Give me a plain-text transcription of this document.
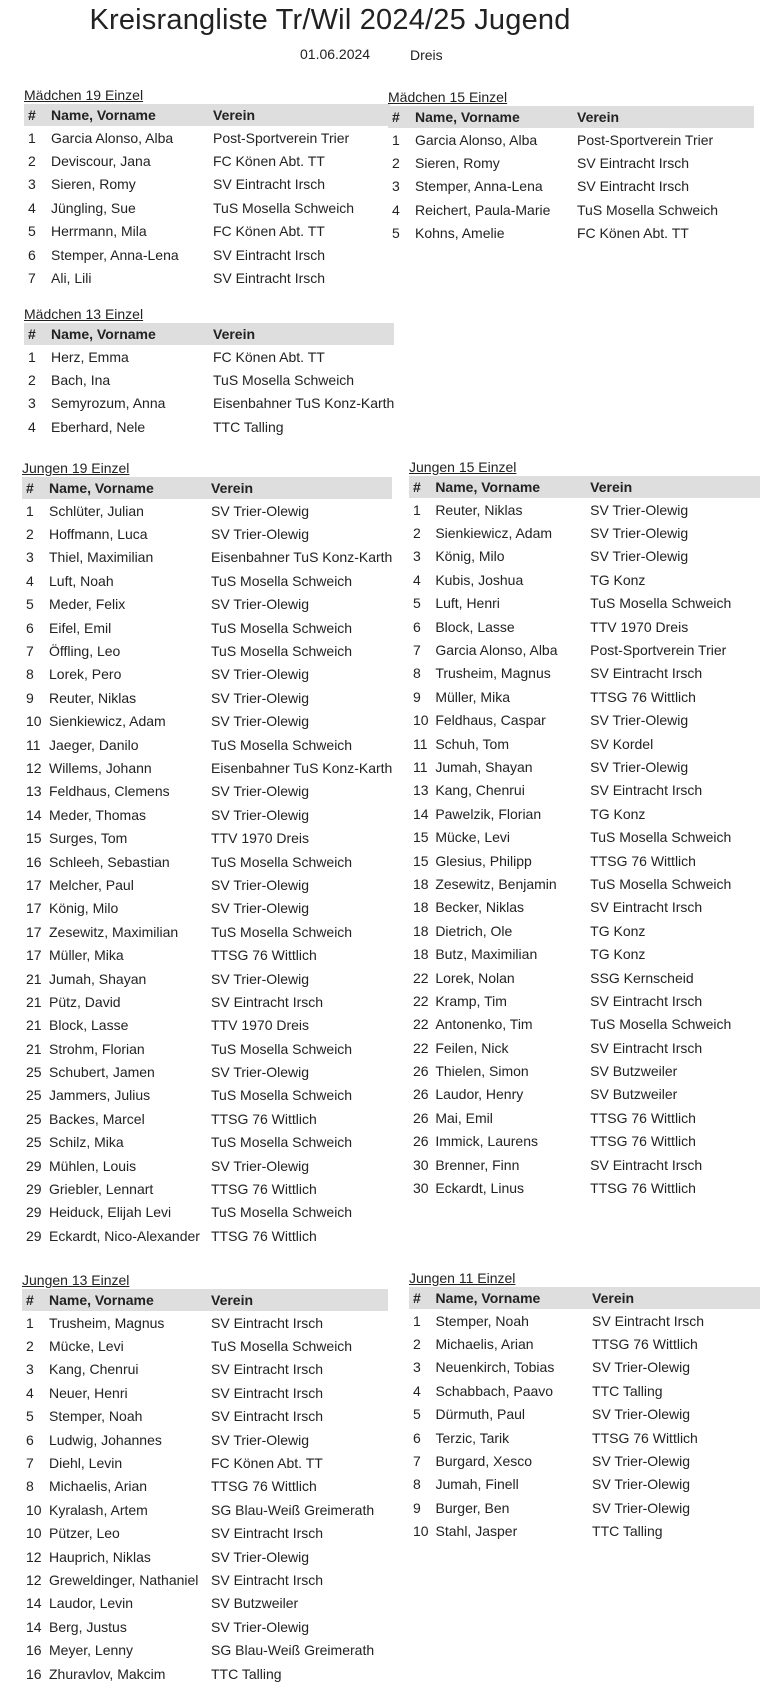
Kreisrangliste Tr/Wil 2024/25 Jugend
01.06.2024	Dreis
Mädchen 19 Einzel
#	Name, Vorname	Verein
1	Garcia Alonso, Alba	Post-Sportverein Trier
2	Deviscour, Jana	FC Könen Abt. TT
3	Sieren, Romy	SV Eintracht Irsch
4	Jüngling, Sue	TuS Mosella Schweich
5	Herrmann, Mila	FC Könen Abt. TT
6	Stemper, Anna-Lena	SV Eintracht Irsch
7	Ali, Lili	SV Eintracht Irsch
Mädchen 15 Einzel
#	Name, Vorname	Verein
1	Garcia Alonso, Alba	Post-Sportverein Trier
2	Sieren, Romy	SV Eintracht Irsch
3	Stemper, Anna-Lena	SV Eintracht Irsch
4	Reichert, Paula-Marie	TuS Mosella Schweich
5	Kohns, Amelie	FC Könen Abt. TT
Mädchen 13 Einzel
#	Name, Vorname	Verein
1	Herz, Emma	FC Könen Abt. TT
2	Bach, Ina	TuS Mosella Schweich
3	Semyrozum, Anna	Eisenbahner TuS Konz-Karth
4	Eberhard, Nele	TTC Talling
Jungen 19 Einzel
#	Name, Vorname	Verein
1	Schlüter, Julian	SV Trier-Olewig
2	Hoffmann, Luca	SV Trier-Olewig
3	Thiel, Maximilian	Eisenbahner TuS Konz-Karth
4	Luft, Noah	TuS Mosella Schweich
5	Meder, Felix	SV Trier-Olewig
6	Eifel, Emil	TuS Mosella Schweich
7	Öffling, Leo	TuS Mosella Schweich
8	Lorek, Pero	SV Trier-Olewig
9	Reuter, Niklas	SV Trier-Olewig
10	Sienkiewicz, Adam	SV Trier-Olewig
11	Jaeger, Danilo	TuS Mosella Schweich
12	Willems, Johann	Eisenbahner TuS Konz-Karth
13	Feldhaus, Clemens	SV Trier-Olewig
14	Meder, Thomas	SV Trier-Olewig
15	Surges, Tom	TTV 1970 Dreis
16	Schleeh, Sebastian	TuS Mosella Schweich
17	Melcher, Paul	SV Trier-Olewig
17	König, Milo	SV Trier-Olewig
17	Zesewitz, Maximilian	TuS Mosella Schweich
17	Müller, Mika	TTSG 76 Wittlich
21	Jumah, Shayan	SV Trier-Olewig
21	Pütz, David	SV Eintracht Irsch
21	Block, Lasse	TTV 1970 Dreis
21	Strohm, Florian	TuS Mosella Schweich
25	Schubert, Jamen	SV Trier-Olewig
25	Jammers, Julius	TuS Mosella Schweich
25	Backes, Marcel	TTSG 76 Wittlich
25	Schilz, Mika	TuS Mosella Schweich
29	Mühlen, Louis	SV Trier-Olewig
29	Griebler, Lennart	TTSG 76 Wittlich
29	Heiduck, Elijah Levi	TuS Mosella Schweich
29	Eckardt, Nico-Alexander	TTSG 76 Wittlich
Jungen 15 Einzel
#	Name, Vorname	Verein
1	Reuter, Niklas	SV Trier-Olewig
2	Sienkiewicz, Adam	SV Trier-Olewig
3	König, Milo	SV Trier-Olewig
4	Kubis, Joshua	TG Konz
5	Luft, Henri	TuS Mosella Schweich
6	Block, Lasse	TTV 1970 Dreis
7	Garcia Alonso, Alba	Post-Sportverein Trier
8	Trusheim, Magnus	SV Eintracht Irsch
9	Müller, Mika	TTSG 76 Wittlich
10	Feldhaus, Caspar	SV Trier-Olewig
11	Schuh, Tom	SV Kordel
11	Jumah, Shayan	SV Trier-Olewig
13	Kang, Chenrui	SV Eintracht Irsch
14	Pawelzik, Florian	TG Konz
15	Mücke, Levi	TuS Mosella Schweich
15	Glesius, Philipp	TTSG 76 Wittlich
18	Zesewitz, Benjamin	TuS Mosella Schweich
18	Becker, Niklas	SV Eintracht Irsch
18	Dietrich, Ole	TG Konz
18	Butz, Maximilian	TG Konz
22	Lorek, Nolan	SSG Kernscheid
22	Kramp, Tim	SV Eintracht Irsch
22	Antonenko, Tim	TuS Mosella Schweich
22	Feilen, Nick	SV Eintracht Irsch
26	Thielen, Simon	SV Butzweiler
26	Laudor, Henry	SV Butzweiler
26	Mai, Emil	TTSG 76 Wittlich
26	Immick, Laurens	TTSG 76 Wittlich
30	Brenner, Finn	SV Eintracht Irsch
30	Eckardt, Linus	TTSG 76 Wittlich
Jungen 13 Einzel
#	Name, Vorname	Verein
1	Trusheim, Magnus	SV Eintracht Irsch
2	Mücke, Levi	TuS Mosella Schweich
3	Kang, Chenrui	SV Eintracht Irsch
4	Neuer, Henri	SV Eintracht Irsch
5	Stemper, Noah	SV Eintracht Irsch
6	Ludwig, Johannes	SV Trier-Olewig
7	Diehl, Levin	FC Könen Abt. TT
8	Michaelis, Arian	TTSG 76 Wittlich
10	Kyralash, Artem	SG Blau-Weiß Greimerath
10	Pützer, Leo	SV Eintracht Irsch
12	Hauprich, Niklas	SV Trier-Olewig
12	Greweldinger, Nathaniel	SV Eintracht Irsch
14	Laudor, Levin	SV Butzweiler
14	Berg, Justus	SV Trier-Olewig
16	Meyer, Lenny	SG Blau-Weiß Greimerath
16	Zhuravlov, Makcim	TTC Talling
Jungen 11 Einzel
#	Name, Vorname	Verein
1	Stemper, Noah	SV Eintracht Irsch
2	Michaelis, Arian	TTSG 76 Wittlich
3	Neuenkirch, Tobias	SV Trier-Olewig
4	Schabbach, Paavo	TTC Talling
5	Dürmuth, Paul	SV Trier-Olewig
6	Terzic, Tarik	TTSG 76 Wittlich
7	Burgard, Xesco	SV Trier-Olewig
8	Jumah, Finell	SV Trier-Olewig
9	Burger, Ben	SV Trier-Olewig
10	Stahl, Jasper	TTC Talling
